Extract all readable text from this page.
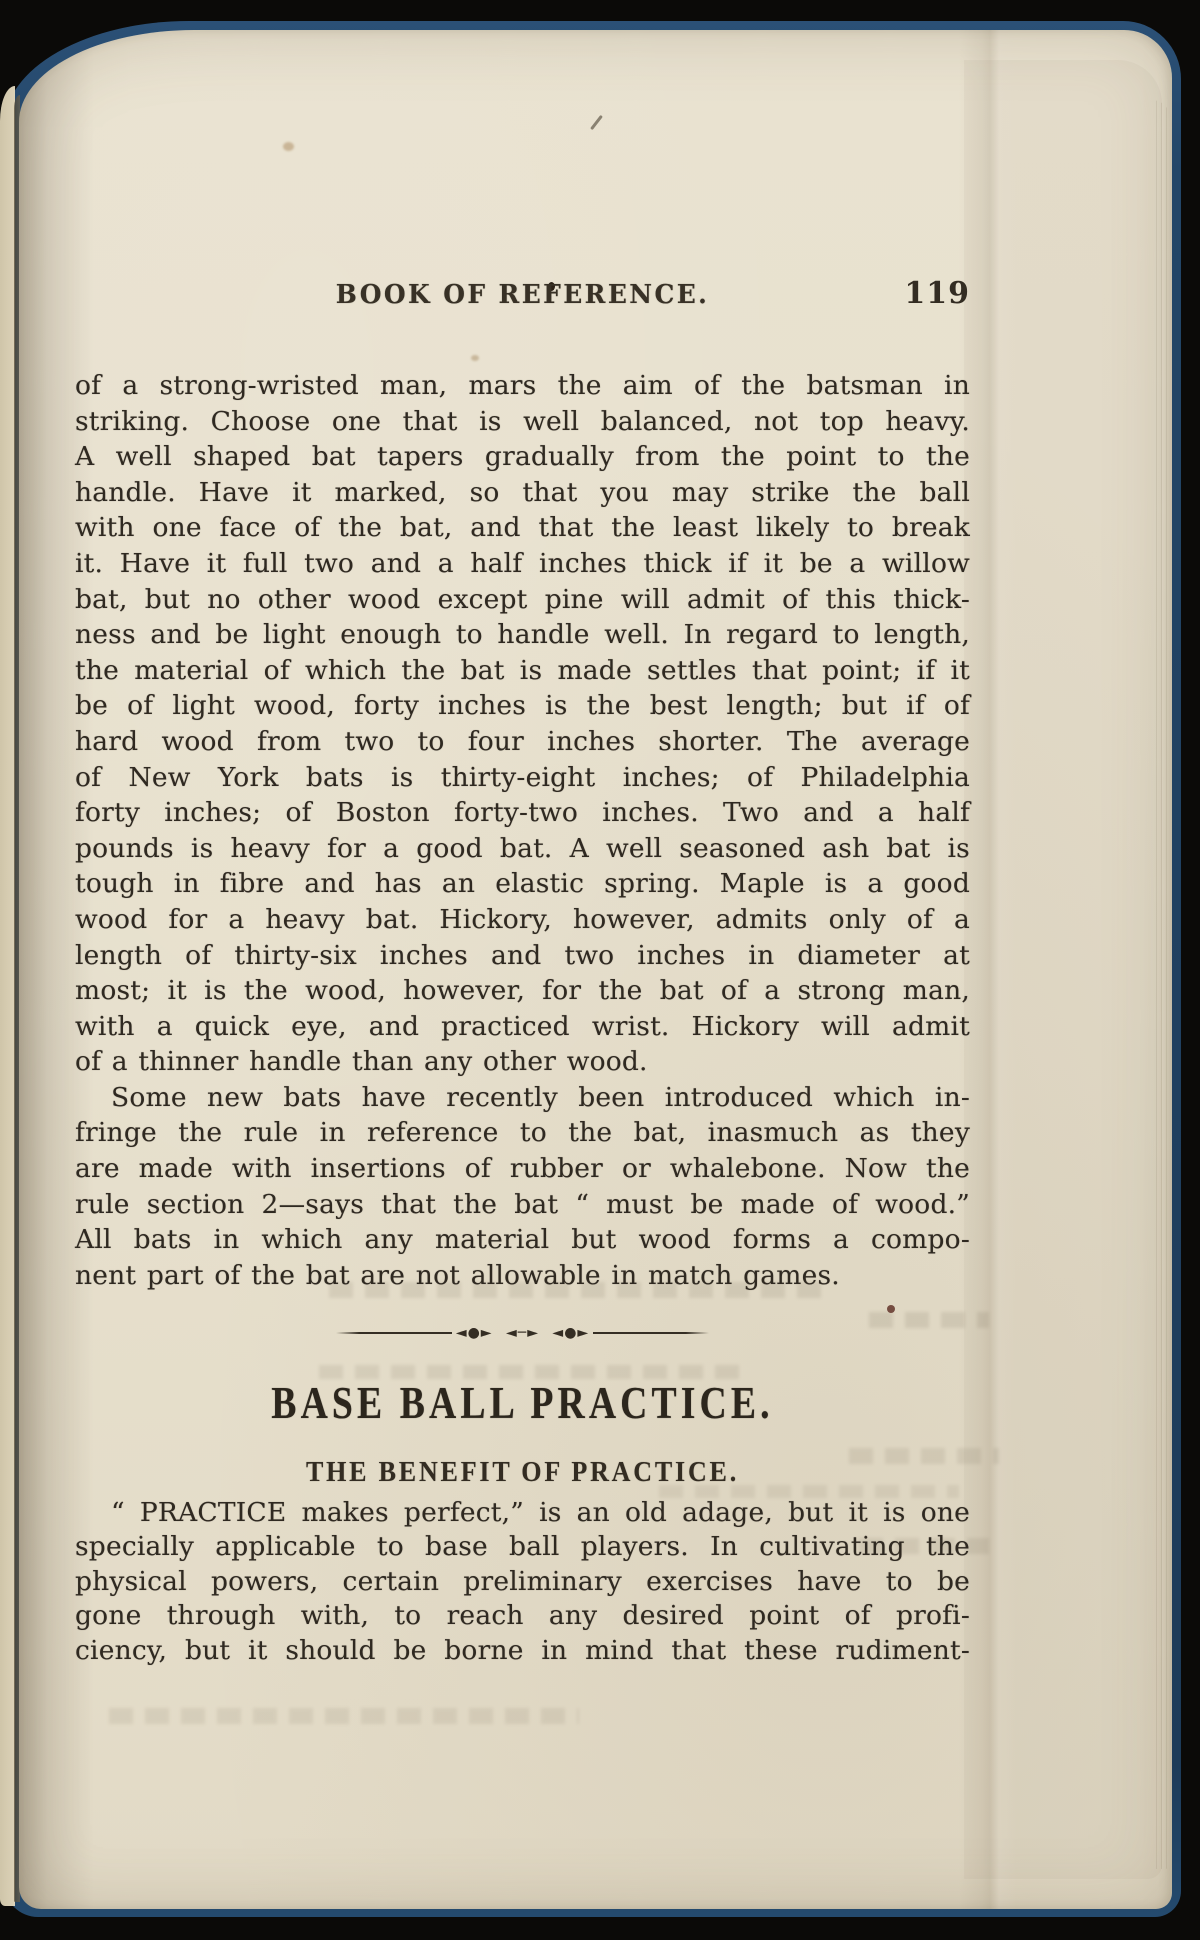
BOOK OF REFERENCE.	119
of a strong-wristed man, mars the aim of the batsman in
striking. Choose one that is well balanced, not top heavy.
A well shaped bat tapers gradually from the point to the
handle. Have it marked, so that you may strike the ball
with one face of the bat, and that the least likely to break
it. Have it full two and a half inches thick if it be a willow
bat, but no other wood except pine will admit of this thick-
ness and be light enough to handle well. In regard to length,
the material of which the bat is made settles that point; if it
be of light wood, forty inches is the best length; but if of
hard wood from two to four inches shorter. The average
of New York bats is thirty-eight inches; of Philadelphia
forty inches; of Boston forty-two inches. Two and a half
pounds is heavy for a good bat. A well seasoned ash bat is
tough in fibre and has an elastic spring. Maple is a good
wood for a heavy bat. Hickory, however, admits only of a
length of thirty-six inches and two inches in diameter at
most; it is the wood, however, for the bat of a strong man,
with a quick eye, and practiced wrist. Hickory will admit
of a thinner handle than any other wood.
Some new bats have recently been introduced which in-
fringe the rule in reference to the bat, inasmuch as they
are made with insertions of rubber or whalebone. Now the
rule section 2—says that the bat “ must be made of wood.”
All bats in which any material but wood forms a compo-
nent part of the bat are not allowable in match games.
◄●► ◄─► ◄●►
BASE BALL PRACTICE.
THE BENEFIT OF PRACTICE.
“ PRACTICE makes perfect,” is an old adage, but it is one
specially applicable to base ball players. In cultivating the
physical powers, certain preliminary exercises have to be
gone through with, to reach any desired point of profi-
ciency, but it should be borne in mind that these rudiment-
